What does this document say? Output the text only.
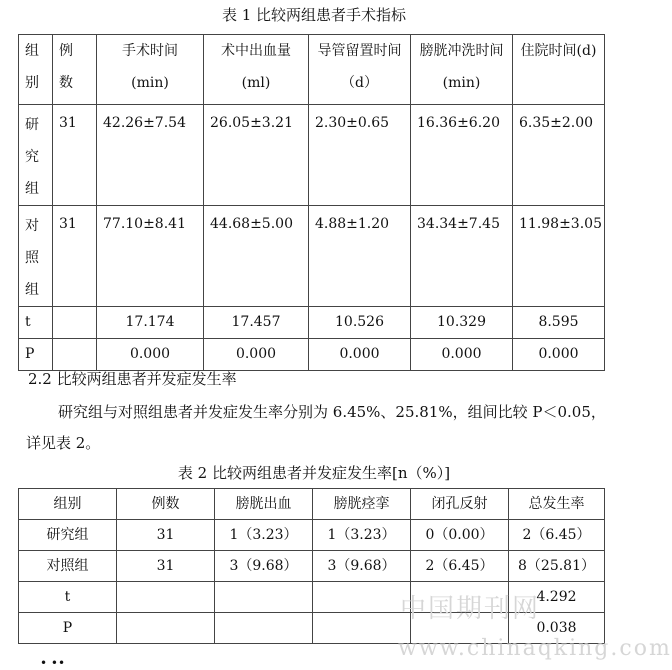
表 1 比较两组患者手术指标
组别	例数	手术时间(min)	术中出血量(ml)	导管留置时间（d）	膀胱冲洗时间(min)	住院时间(d)
研究组	31	42.26±7.54	26.05±3.21	2.30±0.65	16.36±6.20	6.35±2.00
对照组	31	77.10±8.41	44.68±5.00	4.88±1.20	34.34±7.45	11.98±3.05
t		17.174	17.457	10.526	10.329	8.595
P		0.000	0.000	0.000	0.000	0.000
2.2 比较两组患者并发症发生率
研究组与对照组患者并发症发生率分别为 6.45%、25.81%，组间比较 P＜0.05，详见表 2。
表 2 比较两组患者并发症发生率[n（%）]
组别	例数	膀胱出血	膀胱痉挛	闭孔反射	总发生率
研究组	31	1（3.23）	1（3.23）	0（0.00）	2（6.45）
对照组	31	3（9.68）	3（9.68）	2（6.45）	8（25.81）
t					4.292
P					0.038
中国期刊网
www.chinaqking.com
• ••
